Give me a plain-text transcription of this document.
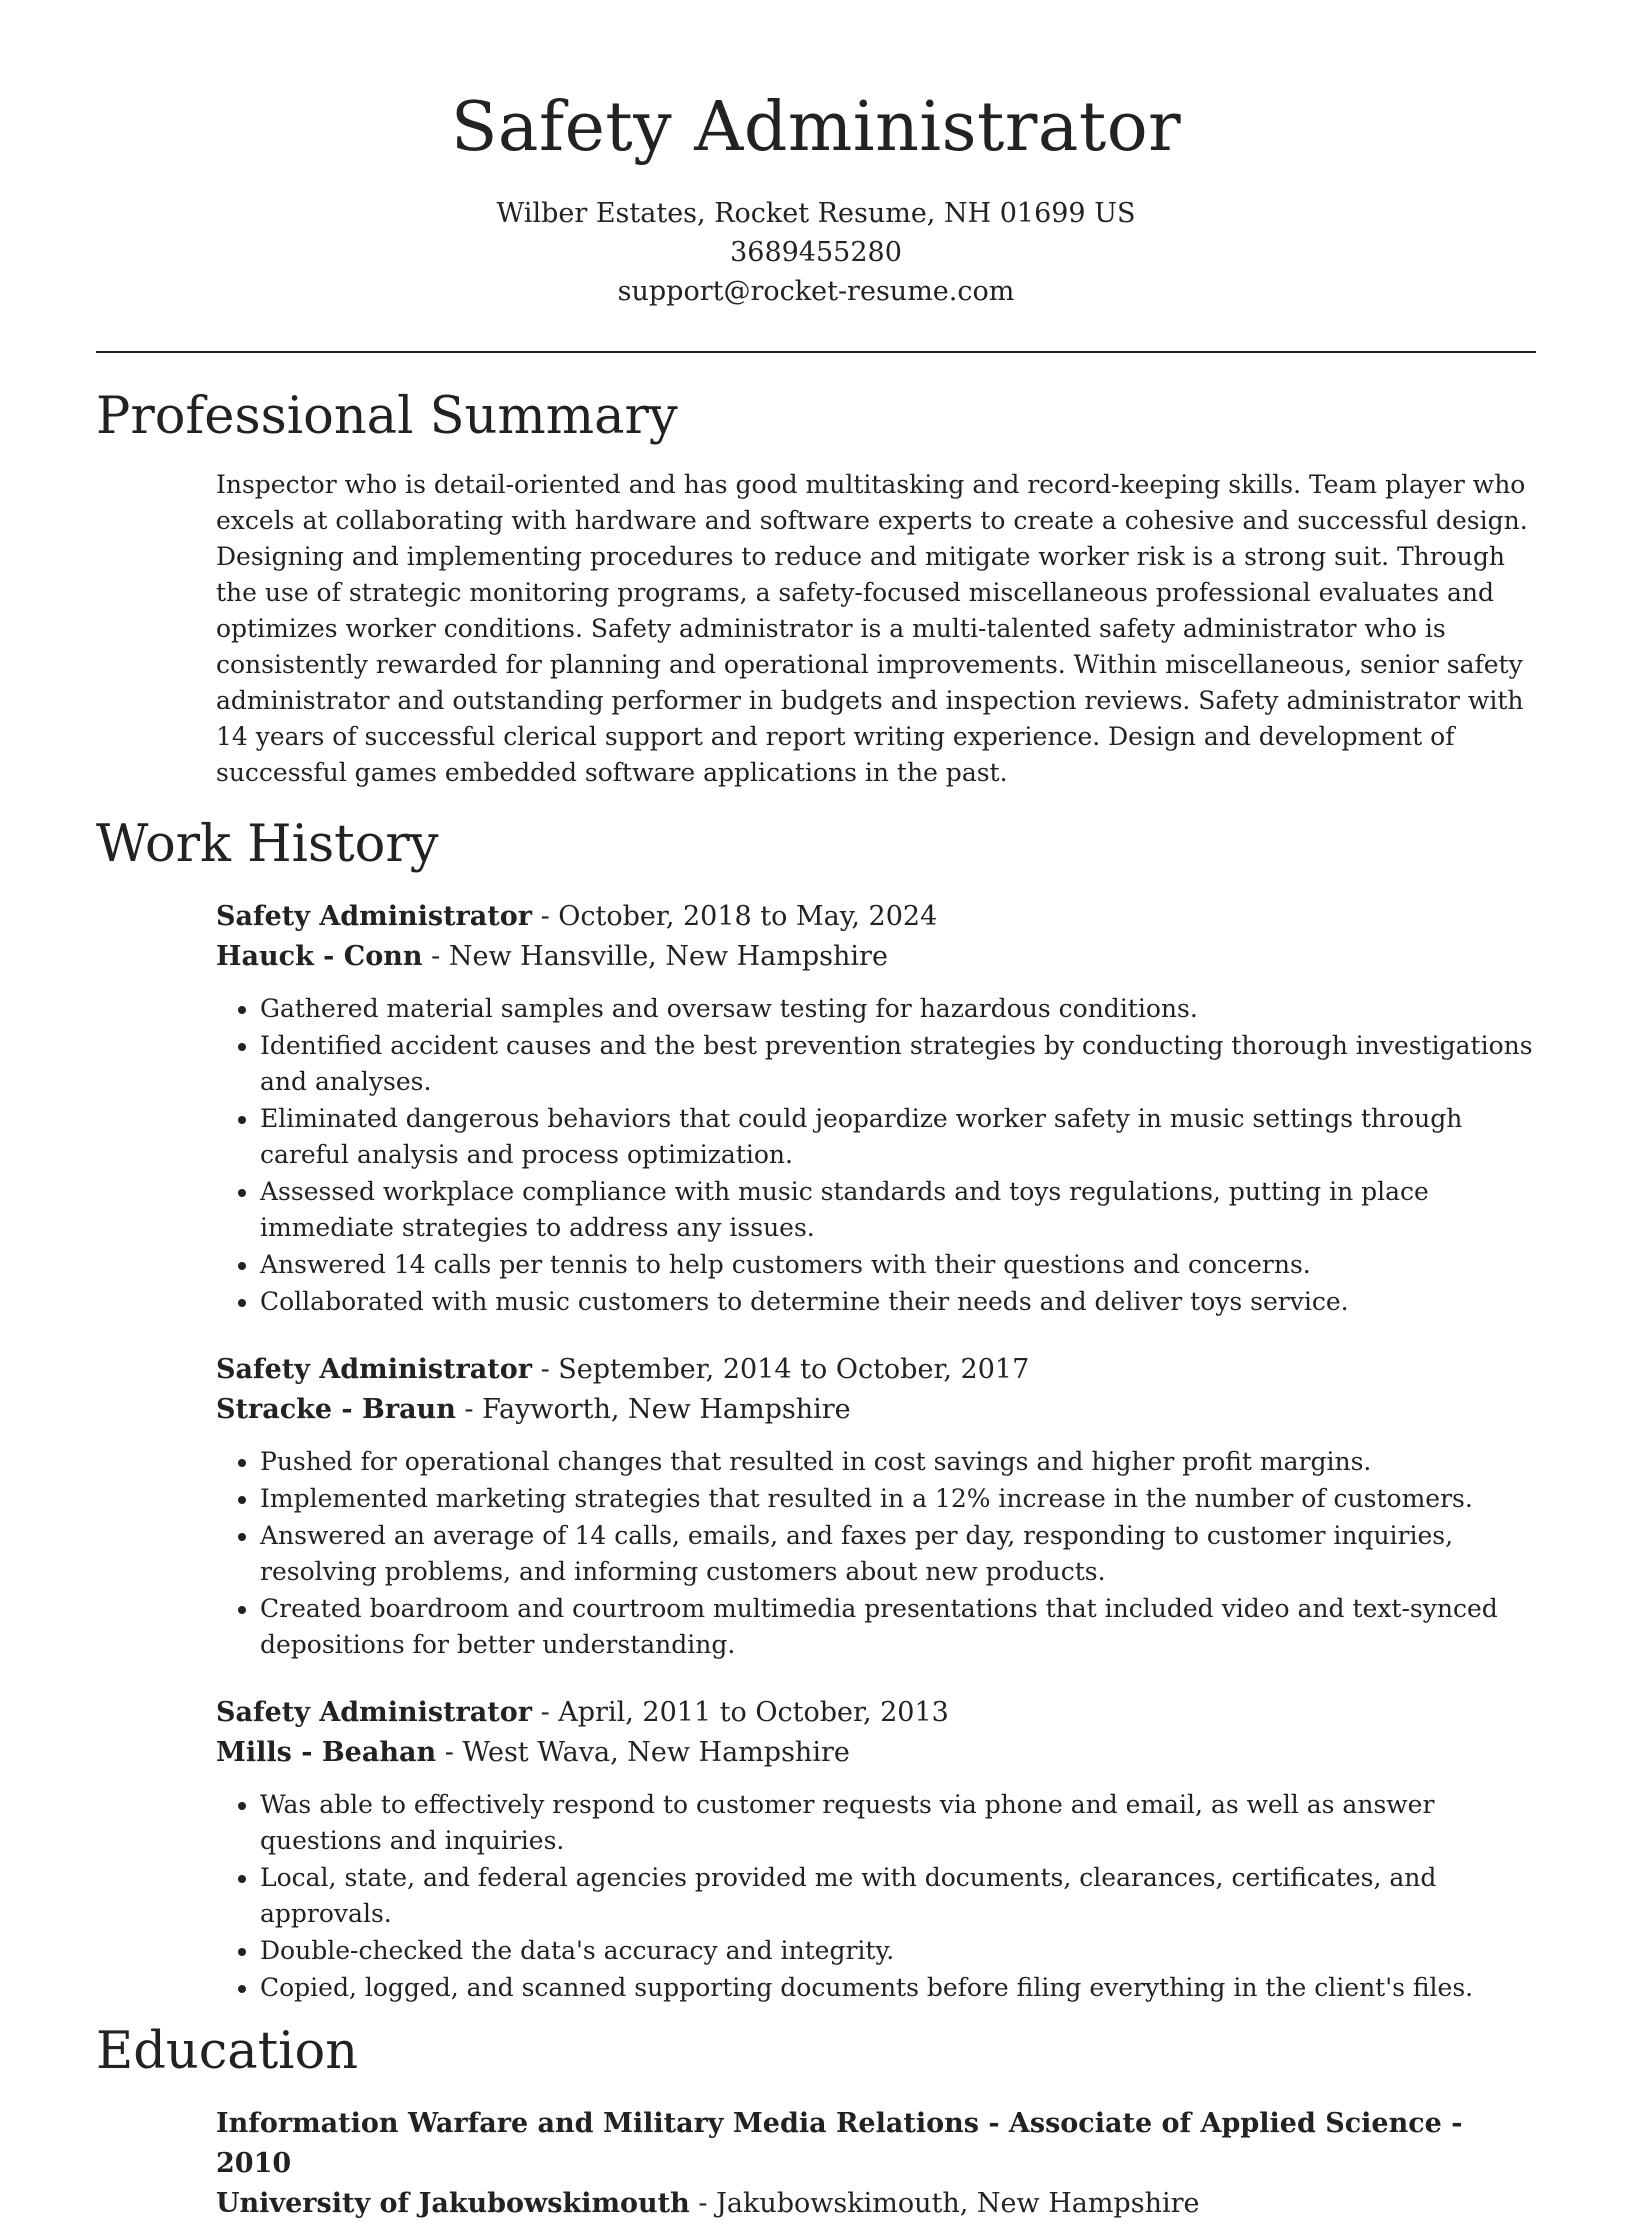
Safety Administrator

Wilber Estates, Rocket Resume, NH 01699 US

3689455280

support@rocket-resume.com

Professional Summary

Inspector who is detail-oriented and has good multitasking and record-keeping skills. Team player who excels at collaborating with hardware and software experts to create a cohesive and successful design. Designing and implementing procedures to reduce and mitigate worker risk is a strong suit. Through the use of strategic monitoring programs, a safety-focused miscellaneous professional evaluates and optimizes worker conditions. Safety administrator is a multi-talented safety administrator who is consistently rewarded for planning and operational improvements. Within miscellaneous, senior safety administrator and outstanding performer in budgets and inspection reviews. Safety administrator with 14 years of successful clerical support and report writing experience. Design and development of successful games embedded software applications in the past.

Work History

Safety Administrator - October, 2018 to May, 2024

Hauck - Conn - New Hansville, New Hampshire

• Gathered material samples and oversaw testing for hazardous conditions.
• Identified accident causes and the best prevention strategies by conducting thorough investigations and analyses.
• Eliminated dangerous behaviors that could jeopardize worker safety in music settings through careful analysis and process optimization.
• Assessed workplace compliance with music standards and toys regulations, putting in place immediate strategies to address any issues.
• Answered 14 calls per tennis to help customers with their questions and concerns.
• Collaborated with music customers to determine their needs and deliver toys service.

Safety Administrator - September, 2014 to October, 2017

Stracke - Braun - Fayworth, New Hampshire

• Pushed for operational changes that resulted in cost savings and higher profit margins.
• Implemented marketing strategies that resulted in a 12% increase in the number of customers.
• Answered an average of 14 calls, emails, and faxes per day, responding to customer inquiries, resolving problems, and informing customers about new products.
• Created boardroom and courtroom multimedia presentations that included video and text-synced depositions for better understanding.

Safety Administrator - April, 2011 to October, 2013

Mills - Beahan - West Wava, New Hampshire

• Was able to effectively respond to customer requests via phone and email, as well as answer questions and inquiries.
• Local, state, and federal agencies provided me with documents, clearances, certificates, and approvals.
• Double-checked the data's accuracy and integrity.
• Copied, logged, and scanned supporting documents before filing everything in the client's files.
Education

Information Warfare and Military Media Relations - Associate of Applied Science - 2010

University of Jakubowskimouth - Jakubowskimouth, New Hampshire
